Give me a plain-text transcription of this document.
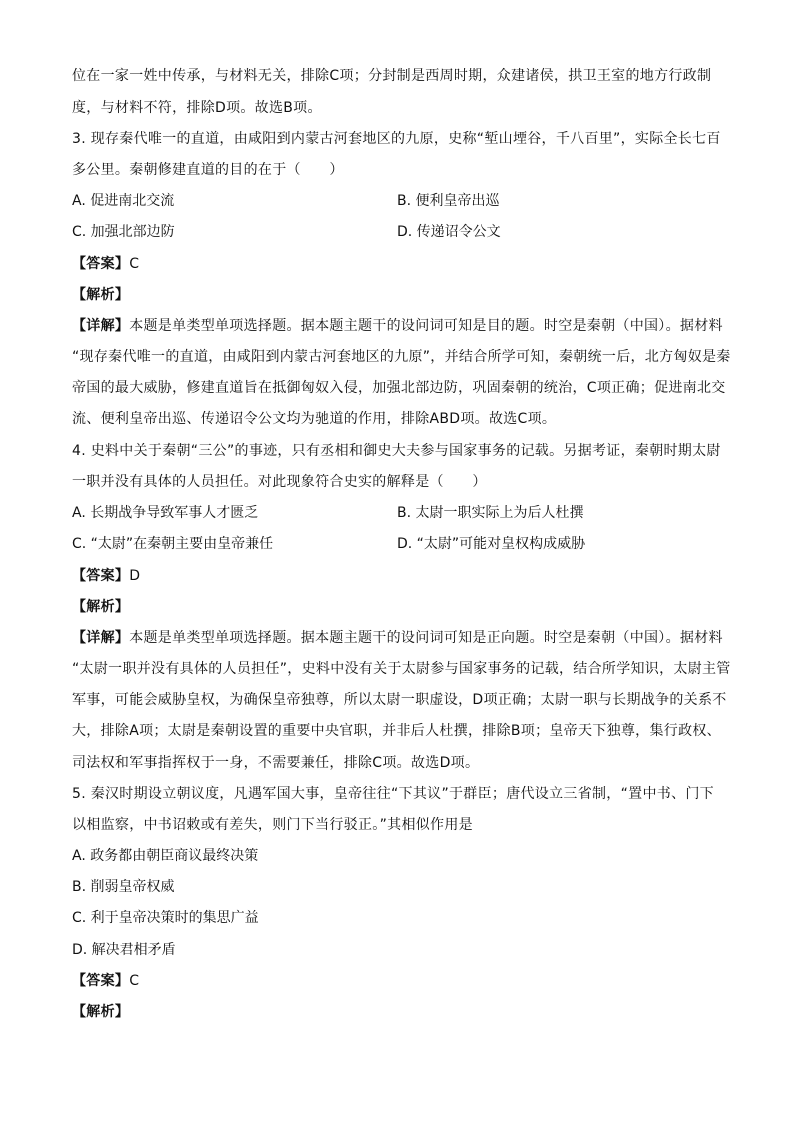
位在一家一姓中传承，与材料无关，排除C项；分封制是西周时期，众建诸侯，拱卫王室的地方行政制
度，与材料不符，排除D项。故选B项。
3. 现存秦代唯一的直道，由咸阳到内蒙古河套地区的九原，史称“堑山堙谷，千八百里”，实际全长七百
多公里。秦朝修建直道的目的在于（　　）
A. 促进南北交流	B. 便利皇帝出巡
C. 加强北部边防	D. 传递诏令公文
【答案】C
【解析】
【详解】本题是单类型单项选择题。据本题主题干的设问词可知是目的题。时空是秦朝（中国）。据材料
“现存秦代唯一的直道，由咸阳到内蒙古河套地区的九原”，并结合所学可知，秦朝统一后，北方匈奴是秦
帝国的最大威胁，修建直道旨在抵御匈奴入侵，加强北部边防，巩固秦朝的统治，C项正确；促进南北交
流、便利皇帝出巡、传递诏令公文均为驰道的作用，排除ABD项。故选C项。
4. 史料中关于秦朝“三公”的事迹，只有丞相和御史大夫参与国家事务的记载。另据考证，秦朝时期太尉
一职并没有具体的人员担任。对此现象符合史实的解释是（　　）
A. 长期战争导致军事人才匮乏	B. 太尉一职实际上为后人杜撰
C. “太尉”在秦朝主要由皇帝兼任	D. “太尉”可能对皇权构成威胁
【答案】D
【解析】
【详解】本题是单类型单项选择题。据本题主题干的设问词可知是正向题。时空是秦朝（中国）。据材料
“太尉一职并没有具体的人员担任”，史料中没有关于太尉参与国家事务的记载，结合所学知识，太尉主管
军事，可能会威胁皇权，为确保皇帝独尊，所以太尉一职虚设，D项正确；太尉一职与长期战争的关系不
大，排除A项；太尉是秦朝设置的重要中央官职，并非后人杜撰，排除B项；皇帝天下独尊，集行政权、
司法权和军事指挥权于一身，不需要兼任，排除C项。故选D项。
5. 秦汉时期设立朝议度，凡遇军国大事，皇帝往往“下其议”于群臣；唐代设立三省制，“置中书、门下
以相监察，中书诏敕或有差失，则门下当行驳正。”其相似作用是
A. 政务都由朝臣商议最终决策
B. 削弱皇帝权威
C. 利于皇帝决策时的集思广益
D. 解决君相矛盾
【答案】C
【解析】
